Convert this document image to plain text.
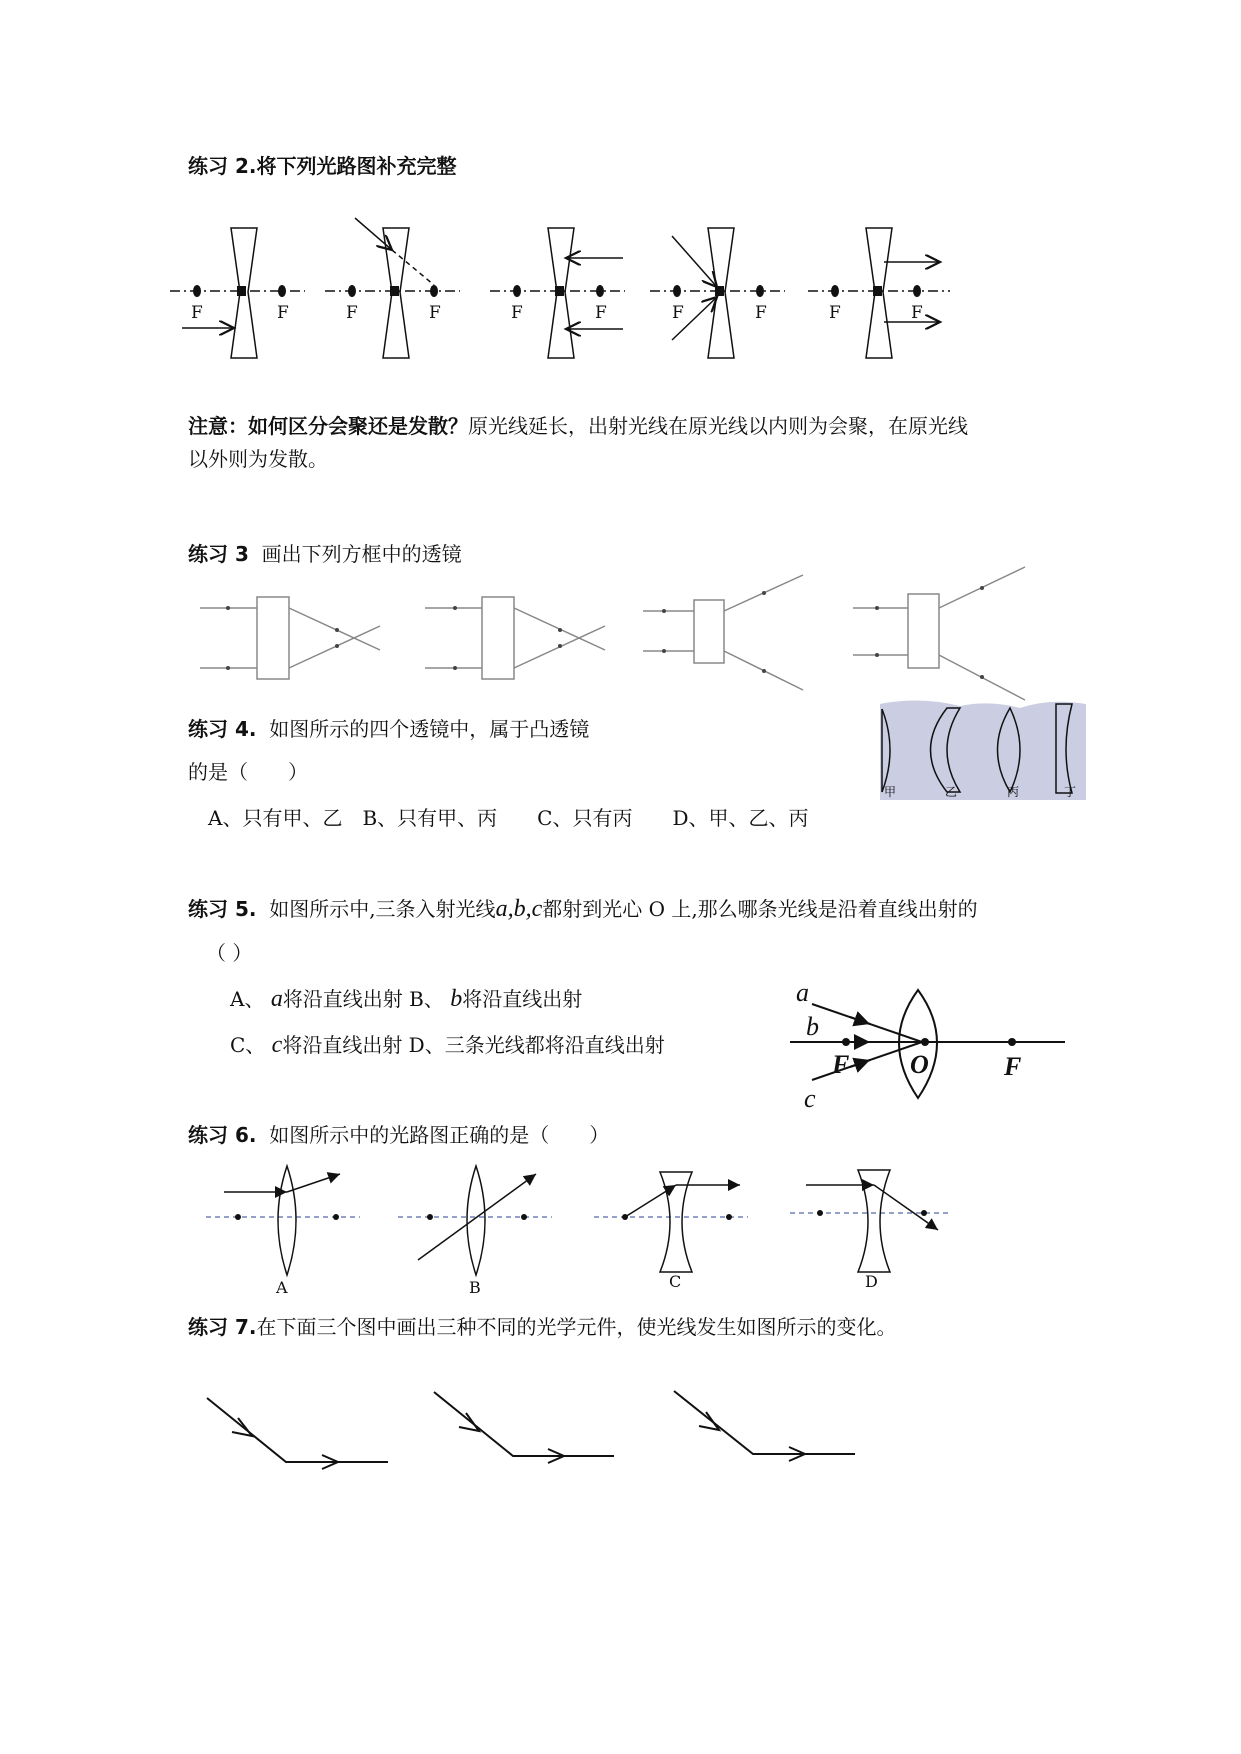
练习 2.将下列光路图补充完整
F	F	F	F	F	F	F	F	F	F
注意：如何区分会聚还是发散？原光线延长，出射光线在原光线以内则为会聚，在原光线
以外则为发散。
练习 3 画出下列方框中的透镜
练习 4. 如图所示的四个透镜中，属于凸透镜
的是（　　）
A、只有甲、乙　B、只有甲、丙　　C、只有丙　　D、甲、乙、丙
甲	乙	丙	丁
练习 5. 如图所示中,三条入射光线a,b,c都射到光心 O 上,那么哪条光线是沿着直线出射的
（ ）
A、 a将沿直线出射 B、 b将沿直线出射
C、 c将沿直线出射 D、三条光线都将沿直线出射
a
b
F
c
O	F
练习 6. 如图所示中的光路图正确的是（　　）
A	B	C	D
练习 7.在下面三个图中画出三种不同的光学元件，使光线发生如图所示的变化。
